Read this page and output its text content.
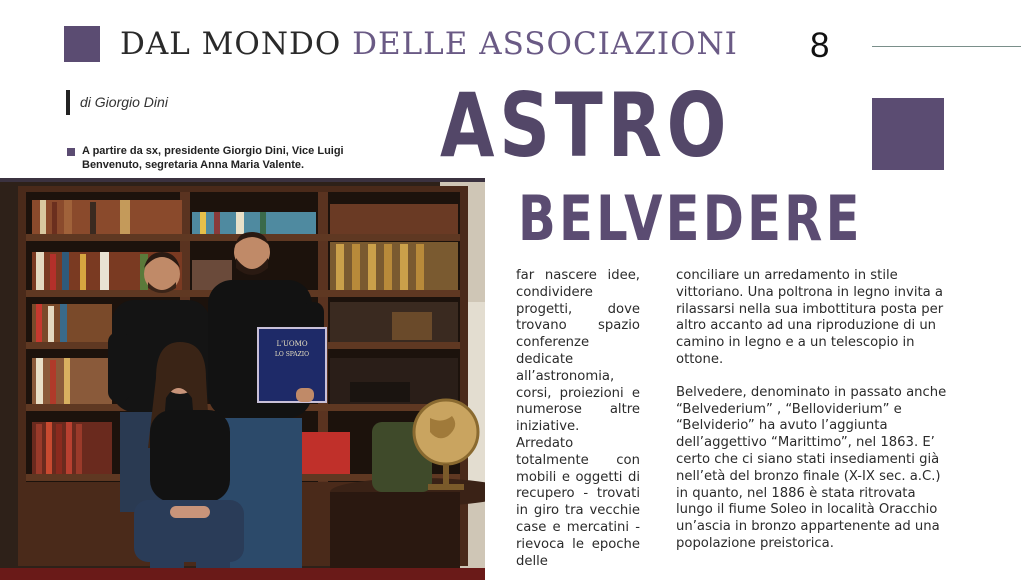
DAL MONDO DELLE ASSOCIAZIONI 8
di Giorgio Dini
A partire da sx, presidente Giorgio Dini, Vice Luigi Benvenuto, segretaria Anna Maria Valente.	ASTRO
BELVEDERE
L'UOMO
LO SPAZIO

far nascere idee, condividere progetti, dove trovano spazio conferenze dedicate all’astronomia, corsi, proiezioni e numerose altre iniziative. Arredato totalmente con mobili e oggetti di recupero - trovati in giro tra vecchie case e mercatini - rievoca le epoche delle

conciliare un arredamento in stile vittoriano. Una poltrona in legno invita a rilassarsi nella sua imbottitura posta per altro accanto ad una riproduzione di un camino in legno e a un telescopio in ottone.

Belvedere, denominato in passato anche “Belvederium” , “Belloviderium” e “Belviderio” ha avuto l’aggiunta dell’aggettivo “Marittimo”, nel 1863. E’ certo che ci siano stati insediamenti già nell’età del bronzo finale (X-IX sec. a.C.) in quanto, nel 1886 è stata ritrovata lungo il fiume Soleo in località Oracchio un’ascia in bronzo appartenente ad una popolazione preistorica.
